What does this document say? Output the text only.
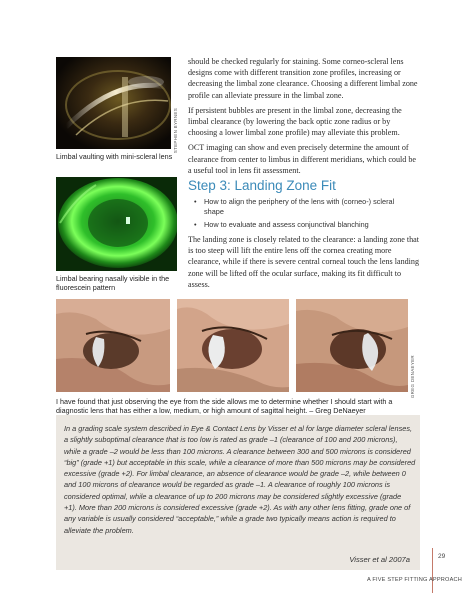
STEPHEN BYRNES
Limbal vaulting with mini-scleral lens
Limbal bearing nasally visible in the fluorescein pattern

should be checked regularly for staining. Some corneo-scleral lens designs come with different transition zone profiles, increasing or decreasing the limbal zone clearance. Choosing a different limbal zone profile can alleviate pressure in the limbal zone.

If persistent bubbles are present in the limbal zone, decreasing the limbal clearance (by lowering the back optic zone radius or by choosing a lower limbal zone profile) may alleviate this problem.

OCT imaging can show and even precisely determine the amount of clearance from center to limbus in different meridians, which could be a useful tool in lens fit assessment.

Step 3: Landing Zone Fit
• How to align the periphery of the lens with (corneo-) scleral shape
• How to evaluate and assess conjunctival blanching

The landing zone is closely related to the clearance: a landing zone that is too steep will lift the entire lens off the cornea creating more clearance, while if there is severe central corneal touch the lens landing zone will be lifted off the ocular surface, making its fit difficult to assess.

GREG DENAEYER
I have found that just observing the eye from the side allows me to determine whether I should start with a diagnostic lens that has either a low, medium, or high amount of sagittal height. – Greg DeNaeyer
In a grading scale system described in Eye & Contact Lens by Visser et al for large diameter scleral lenses, a slightly suboptimal clearance that is too low is rated as grade –1 (clearance of 100 and 200 microns), while a grade –2 would be less than 100 microns. A clearance between 300 and 500 microns is considered “big” (grade +1) but acceptable in this scale, while a clearance of more than 500 microns may be considered excessive (grade +2). For limbal clearance, an absence of clearance would be grade –2, while between 0 and 100 microns of clearance would be regarded as grade –1. A clearance of roughly 100 microns is considered optimal, while a clearance of up to 200 microns may be considered slightly excessive (grade +1). More than 200 microns is considered excessive (grade +2). As with any other lens fitting, grade one of any variable is usually considered “acceptable,” while a grade two typically means action is required to alleviate the problem.
Visser et al 2007a	29
A FIVE STEP FITTING APPROACH
